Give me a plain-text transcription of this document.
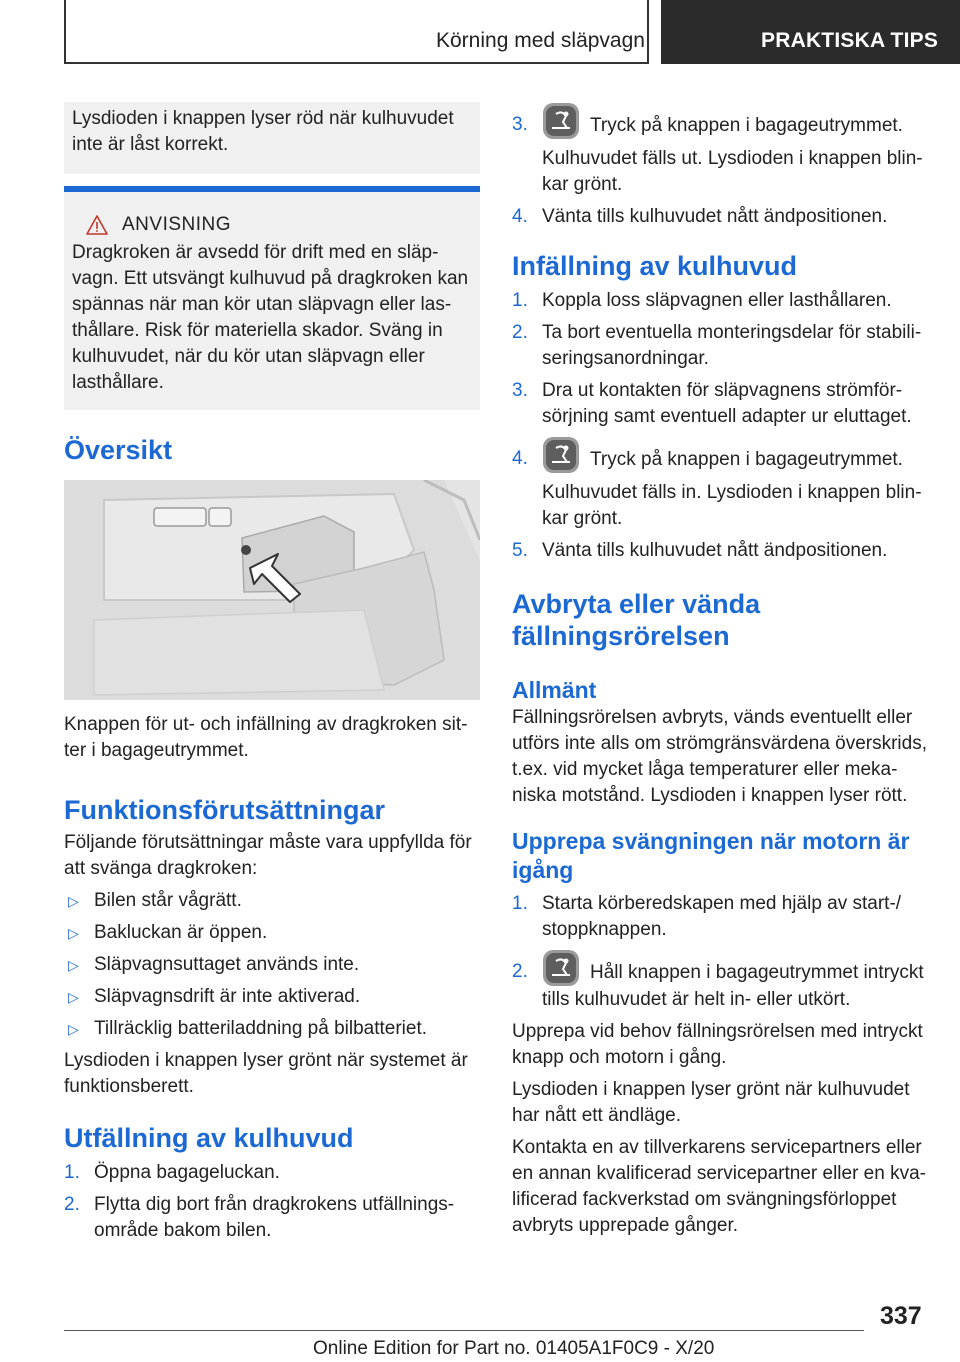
Körning med släpvagn	PRAKTISKA TIPS

Lysdioden i knappen lyser röd när kulhuvudet inte är låst korrekt.

ANVISNING

Dragkroken är avsedd för drift med en släpvagn. Ett utsvängt kulhuvud på dragkroken kan spännas när man kör utan släpvagn eller lasthållare. Risk för materiella skador. Sväng in kulhuvudet, när du kör utan släpvagn eller lasthållare.

Översikt

Knappen för ut- och infällning av dragkroken sitter i bagageutrymmet.

Funktionsförutsättningar

Följande förutsättningar måste vara uppfyllda för att svänga dragkroken:

▷ Bilen står vågrätt.
▷ Bakluckan är öppen.
▷ Släpvagnsuttaget används inte.
▷ Släpvagnsdrift är inte aktiverad.
▷ Tillräcklig batteriladdning på bilbatteriet.

Lysdioden i knappen lyser grönt när systemet är funktionsberett.

Utfällning av kulhuvud
1. Öppna bagageluckan.
2. Flytta dig bort från dragkrokens utfällningsområde bakom bilen.
3.	Tryck på knappen i bagageutrymmet.

Kulhuvudet fälls ut. Lysdioden i knappen blinkar grönt.

4. Vänta tills kulhuvudet nått ändpositionen.
Infällning av kulhuvud
1. Koppla loss släpvagnen eller lasthållaren.
2. Ta bort eventuella monteringsdelar för stabiliseringsanordningar.
3. Dra ut kontakten för släpvagnens strömförsörjning samt eventuell adapter ur eluttaget.
4.	Tryck på knappen i bagageutrymmet.

Kulhuvudet fälls in. Lysdioden i knappen blinkar grönt.

5. Vänta tills kulhuvudet nått ändpositionen.
Avbryta eller vända fällningsrörelsen
Allmänt

Fällningsrörelsen avbryts, vänds eventuellt eller utförs inte alls om strömgränsvärdena överskrids, t.ex. vid mycket låga temperaturer eller mekaniska motstånd. Lysdioden i knappen lyser rött.

Upprepa svängningen när motorn är igång
1. Starta körberedskapen med hjälp av start-/ stoppknappen.
2.	Håll knappen i bagageutrymmet intryckt tills kulhuvudet är helt in- eller utkört.

Upprepa vid behov fällningsrörelsen med intryckt knapp och motorn i gång.

Lysdioden i knappen lyser grönt när kulhuvudet har nått ett ändläge.

Kontakta en av tillverkarens servicepartners eller en annan kvalificerad servicepartner eller en kvalificerad fackverkstad om svängningsförloppet avbryts upprepade gånger.

337
Online Edition for Part no. 01405A1F0C9 - X/20
